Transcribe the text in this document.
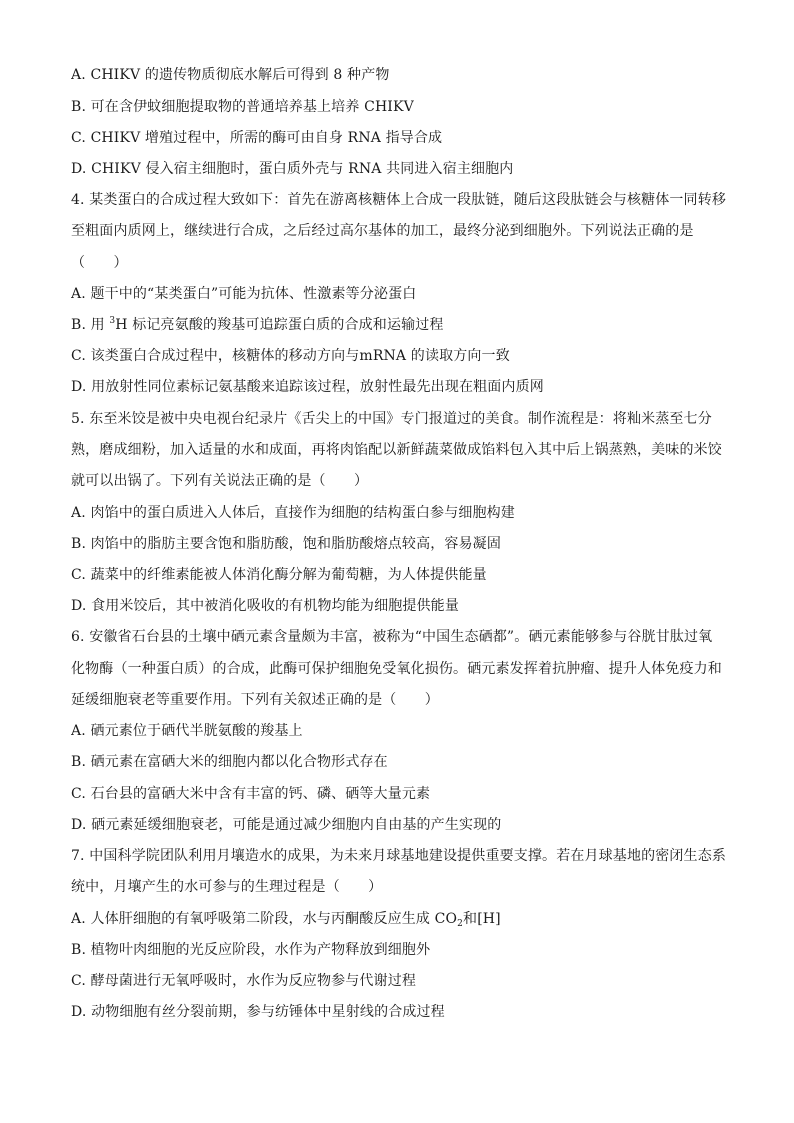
A. CHIKV 的遗传物质彻底水解后可得到 8 种产物
B. 可在含伊蚊细胞提取物的普通培养基上培养 CHIKV
C. CHIKV 增殖过程中，所需的酶可由自身 RNA 指导合成
D. CHIKV 侵入宿主细胞时，蛋白质外壳与 RNA 共同进入宿主细胞内
4. 某类蛋白的合成过程大致如下：首先在游离核糖体上合成一段肽链，随后这段肽链会与核糖体一同转移
至粗面内质网上，继续进行合成，之后经过高尔基体的加工，最终分泌到细胞外。下列说法正确的是
（　　）
A. 题干中的“某类蛋白”可能为抗体、性激素等分泌蛋白
B. 用 $^3$H 标记亮氨酸的羧基可追踪蛋白质的合成和运输过程
C. 该类蛋白合成过程中，核糖体的移动方向与mRNA 的读取方向一致
D. 用放射性同位素标记氨基酸来追踪该过程，放射性最先出现在粗面内质网
5. 东至米饺是被中央电视台纪录片《舌尖上的中国》专门报道过的美食。制作流程是：将籼米蒸至七分
熟，磨成细粉，加入适量的水和成面，再将肉馅配以新鲜蔬菜做成馅料包入其中后上锅蒸熟，美味的米饺
就可以出锅了。下列有关说法正确的是（　　）
A. 肉馅中的蛋白质进入人体后，直接作为细胞的结构蛋白参与细胞构建
B. 肉馅中的脂肪主要含饱和脂肪酸，饱和脂肪酸熔点较高，容易凝固
C. 蔬菜中的纤维素能被人体消化酶分解为葡萄糖，为人体提供能量
D. 食用米饺后，其中被消化吸收的有机物均能为细胞提供能量
6. 安徽省石台县的土壤中硒元素含量颇为丰富，被称为“中国生态硒都”。硒元素能够参与谷胱甘肽过氧
化物酶（一种蛋白质）的合成，此酶可保护细胞免受氧化损伤。硒元素发挥着抗肿瘤、提升人体免疫力和
延缓细胞衰老等重要作用。下列有关叙述正确的是（　　）
A. 硒元素位于硒代半胱氨酸的羧基上
B. 硒元素在富硒大米的细胞内都以化合物形式存在
C. 石台县的富硒大米中含有丰富的钙、磷、硒等大量元素
D. 硒元素延缓细胞衰老，可能是通过减少细胞内自由基的产生实现的
7. 中国科学院团队利用月壤造水的成果，为未来月球基地建设提供重要支撑。若在月球基地的密闭生态系
统中，月壤产生的水可参与的生理过程是（　　）
A. 人体肝细胞的有氧呼吸第二阶段，水与丙酮酸反应生成 $CO_2$和[H]
B. 植物叶肉细胞的光反应阶段，水作为产物释放到细胞外
C. 酵母菌进行无氧呼吸时，水作为反应物参与代谢过程
D. 动物细胞有丝分裂前期，参与纺锤体中星射线的合成过程
